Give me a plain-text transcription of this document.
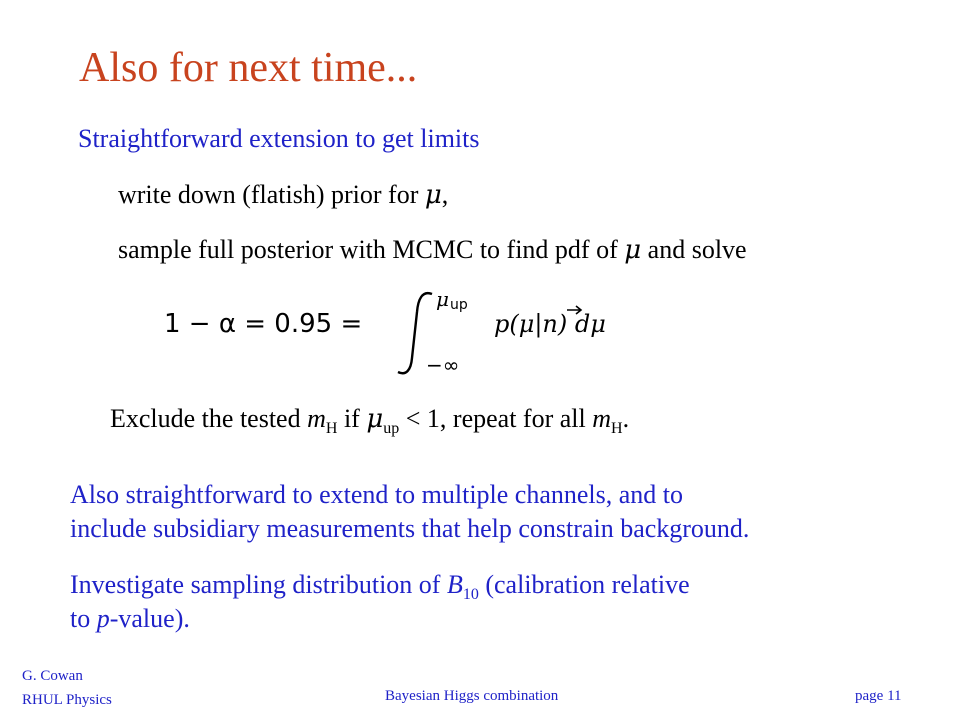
Also for next time...
Straightforward extension to get limits
write down (flatish) prior for μ,
sample full posterior with MCMC to find pdf of μ and solve
1 − α = 0.95 =
μ up
−∞
p(μ|n) dμ
Exclude the tested $m_H$ if $\mu_{up} < 1$, repeat for all $m_H$.
Also straightforward to extend to multiple channels, and to
include subsidiary measurements that help constrain background.
Investigate sampling distribution of $B_{10}$ (calibration relative
to p-value).
G. Cowan
RHUL Physics	Bayesian Higgs combination	page 11
